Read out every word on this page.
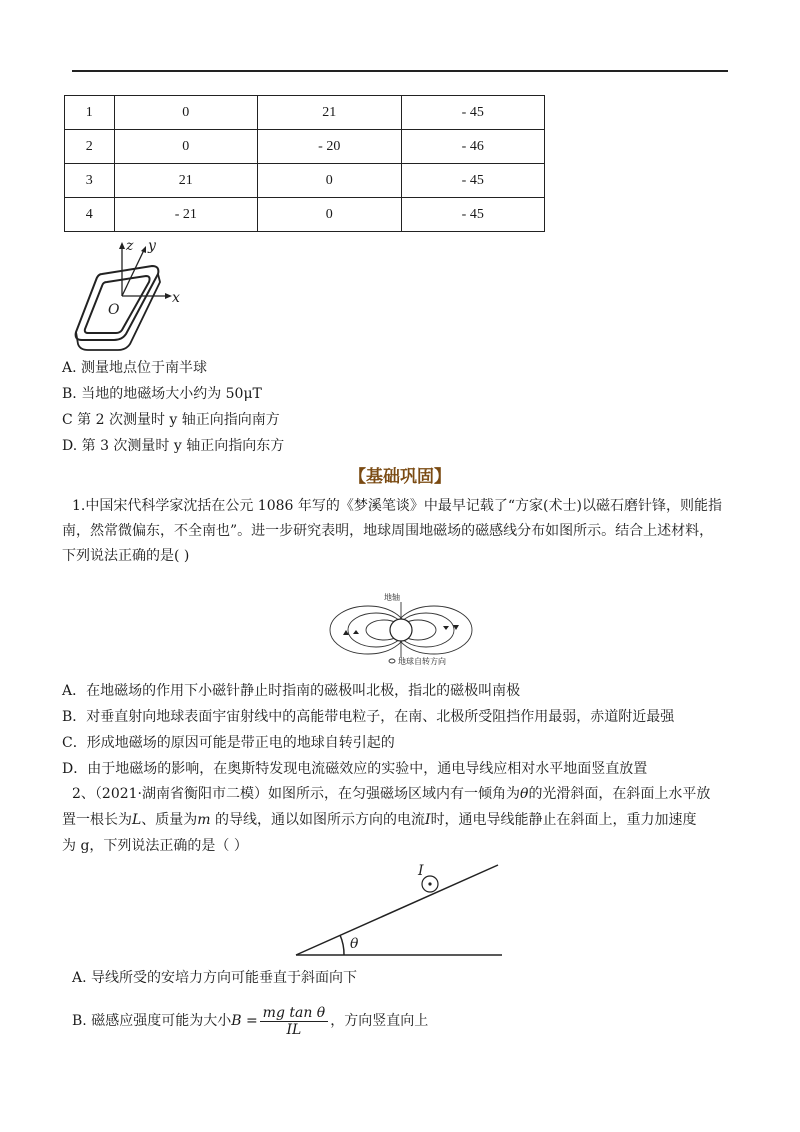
1	0	21	- 45
2	0	- 20	- 46
3	21	0	- 45
4	- 21	0	- 45
z y
x
O
A. 测量地点位于南半球
B. 当地的地磁场大小约为 50μT
C 第 2 次测量时 y 轴正向指向南方
D. 第 3 次测量时 y 轴正向指向东方
【基础巩固】
1.中国宋代科学家沈括在公元 1086 年写的《梦溪笔谈》中最早记载了“方家(术士)以磁石磨针锋，则能指
南，然常微偏东，不全南也”。进一步研究表明，地球周围地磁场的磁感线分布如图所示。结合上述材料，
下列说法正确的是( )
地轴
地球自转方向
A．在地磁场的作用下小磁针静止时指南的磁极叫北极，指北的磁极叫南极
B．对垂直射向地球表面宇宙射线中的高能带电粒子，在南、北极所受阻挡作用最弱，赤道附近最强
C．形成地磁场的原因可能是带正电的地球自转引起的
D．由于地磁场的影响，在奥斯特发现电流磁效应的实验中，通电导线应相对水平地面竖直放置
2、（2021·湖南省衡阳市二模）如图所示，在匀强磁场区域内有一倾角为θ的光滑斜面，在斜面上水平放
置一根长为L、质量为m 的导线，通以如图所示方向的电流I时，通电导线能静止在斜面上，重力加速度
为 g，下列说法正确的是（ ）
I
θ
A. 导线所受的安培力方向可能垂直于斜面向下
B. 磁感应强度可能为大小$B = \frac{\text{mg tan θ}}{IL}$ ，方向竖直向上
